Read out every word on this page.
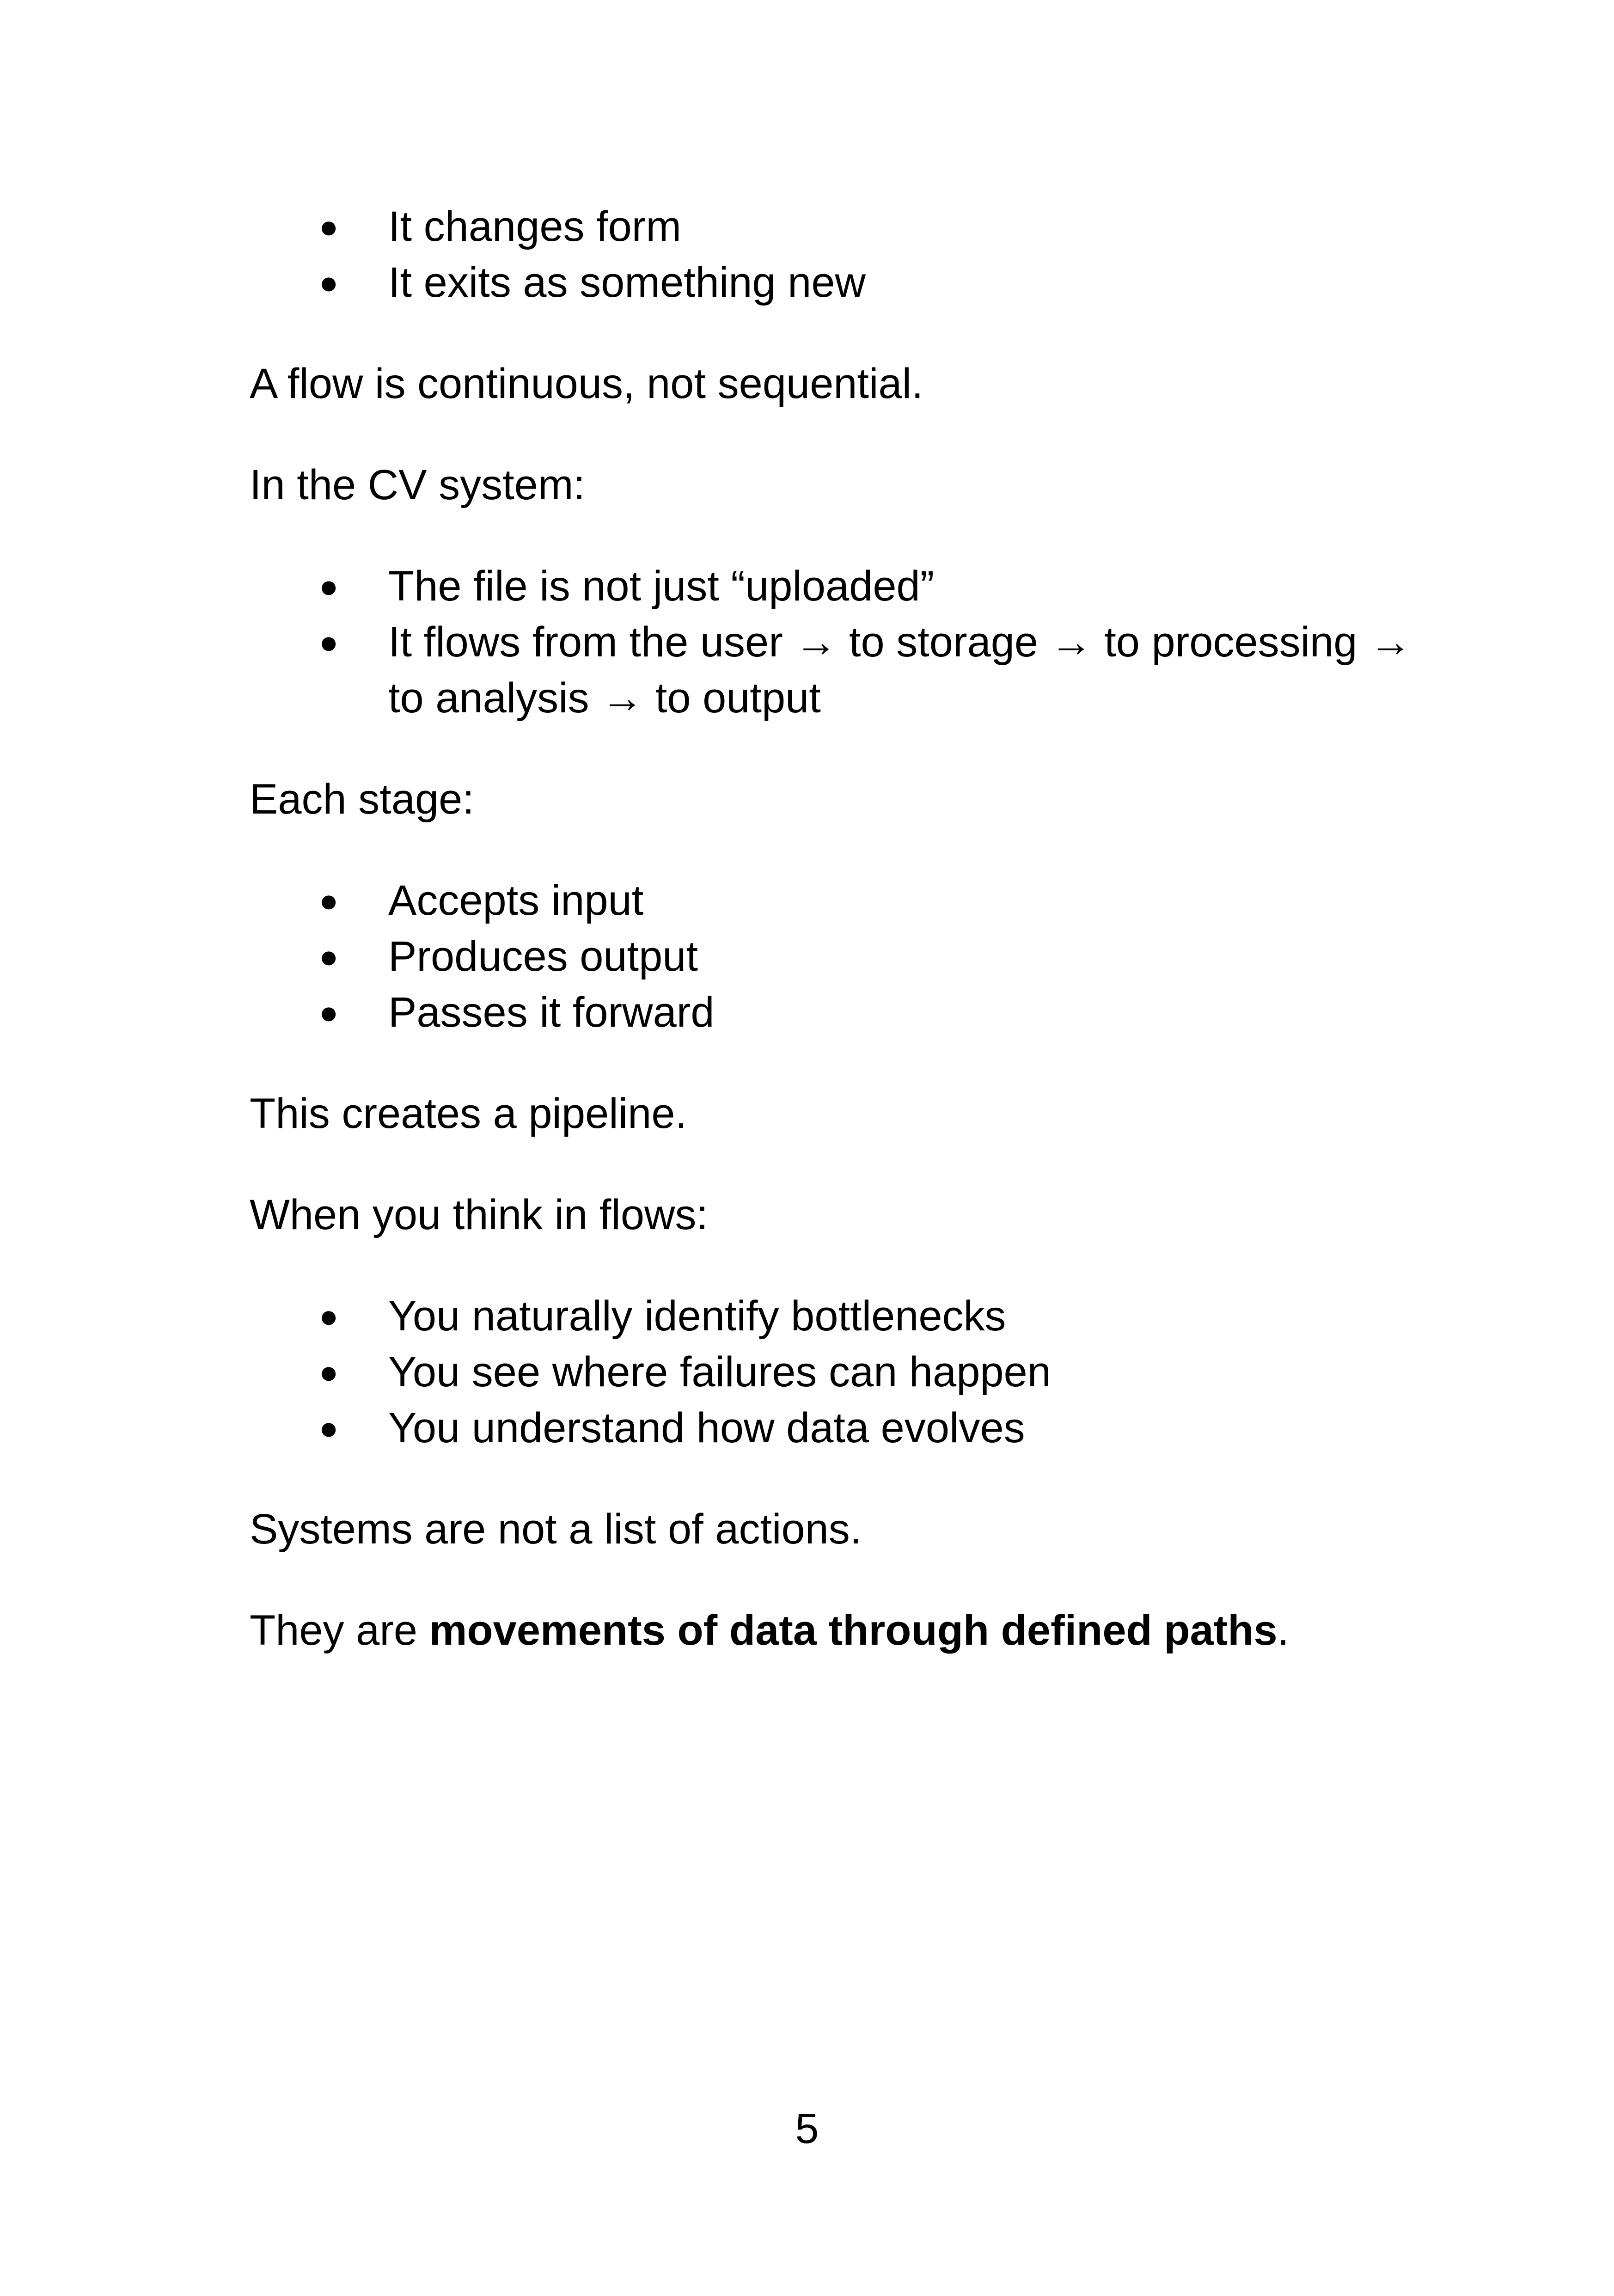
● It changes form
● It exits as something new

A flow is continuous, not sequential.

In the CV system:

● The file is not just “uploaded”
● It flows from the user → to storage → to processing → to analysis → to output

Each stage:

● Accepts input
● Produces output
● Passes it forward

This creates a pipeline.

When you think in flows:

● You naturally identify bottlenecks
● You see where failures can happen
● You understand how data evolves

Systems are not a list of actions.

They are movements of data through defined paths.

5
